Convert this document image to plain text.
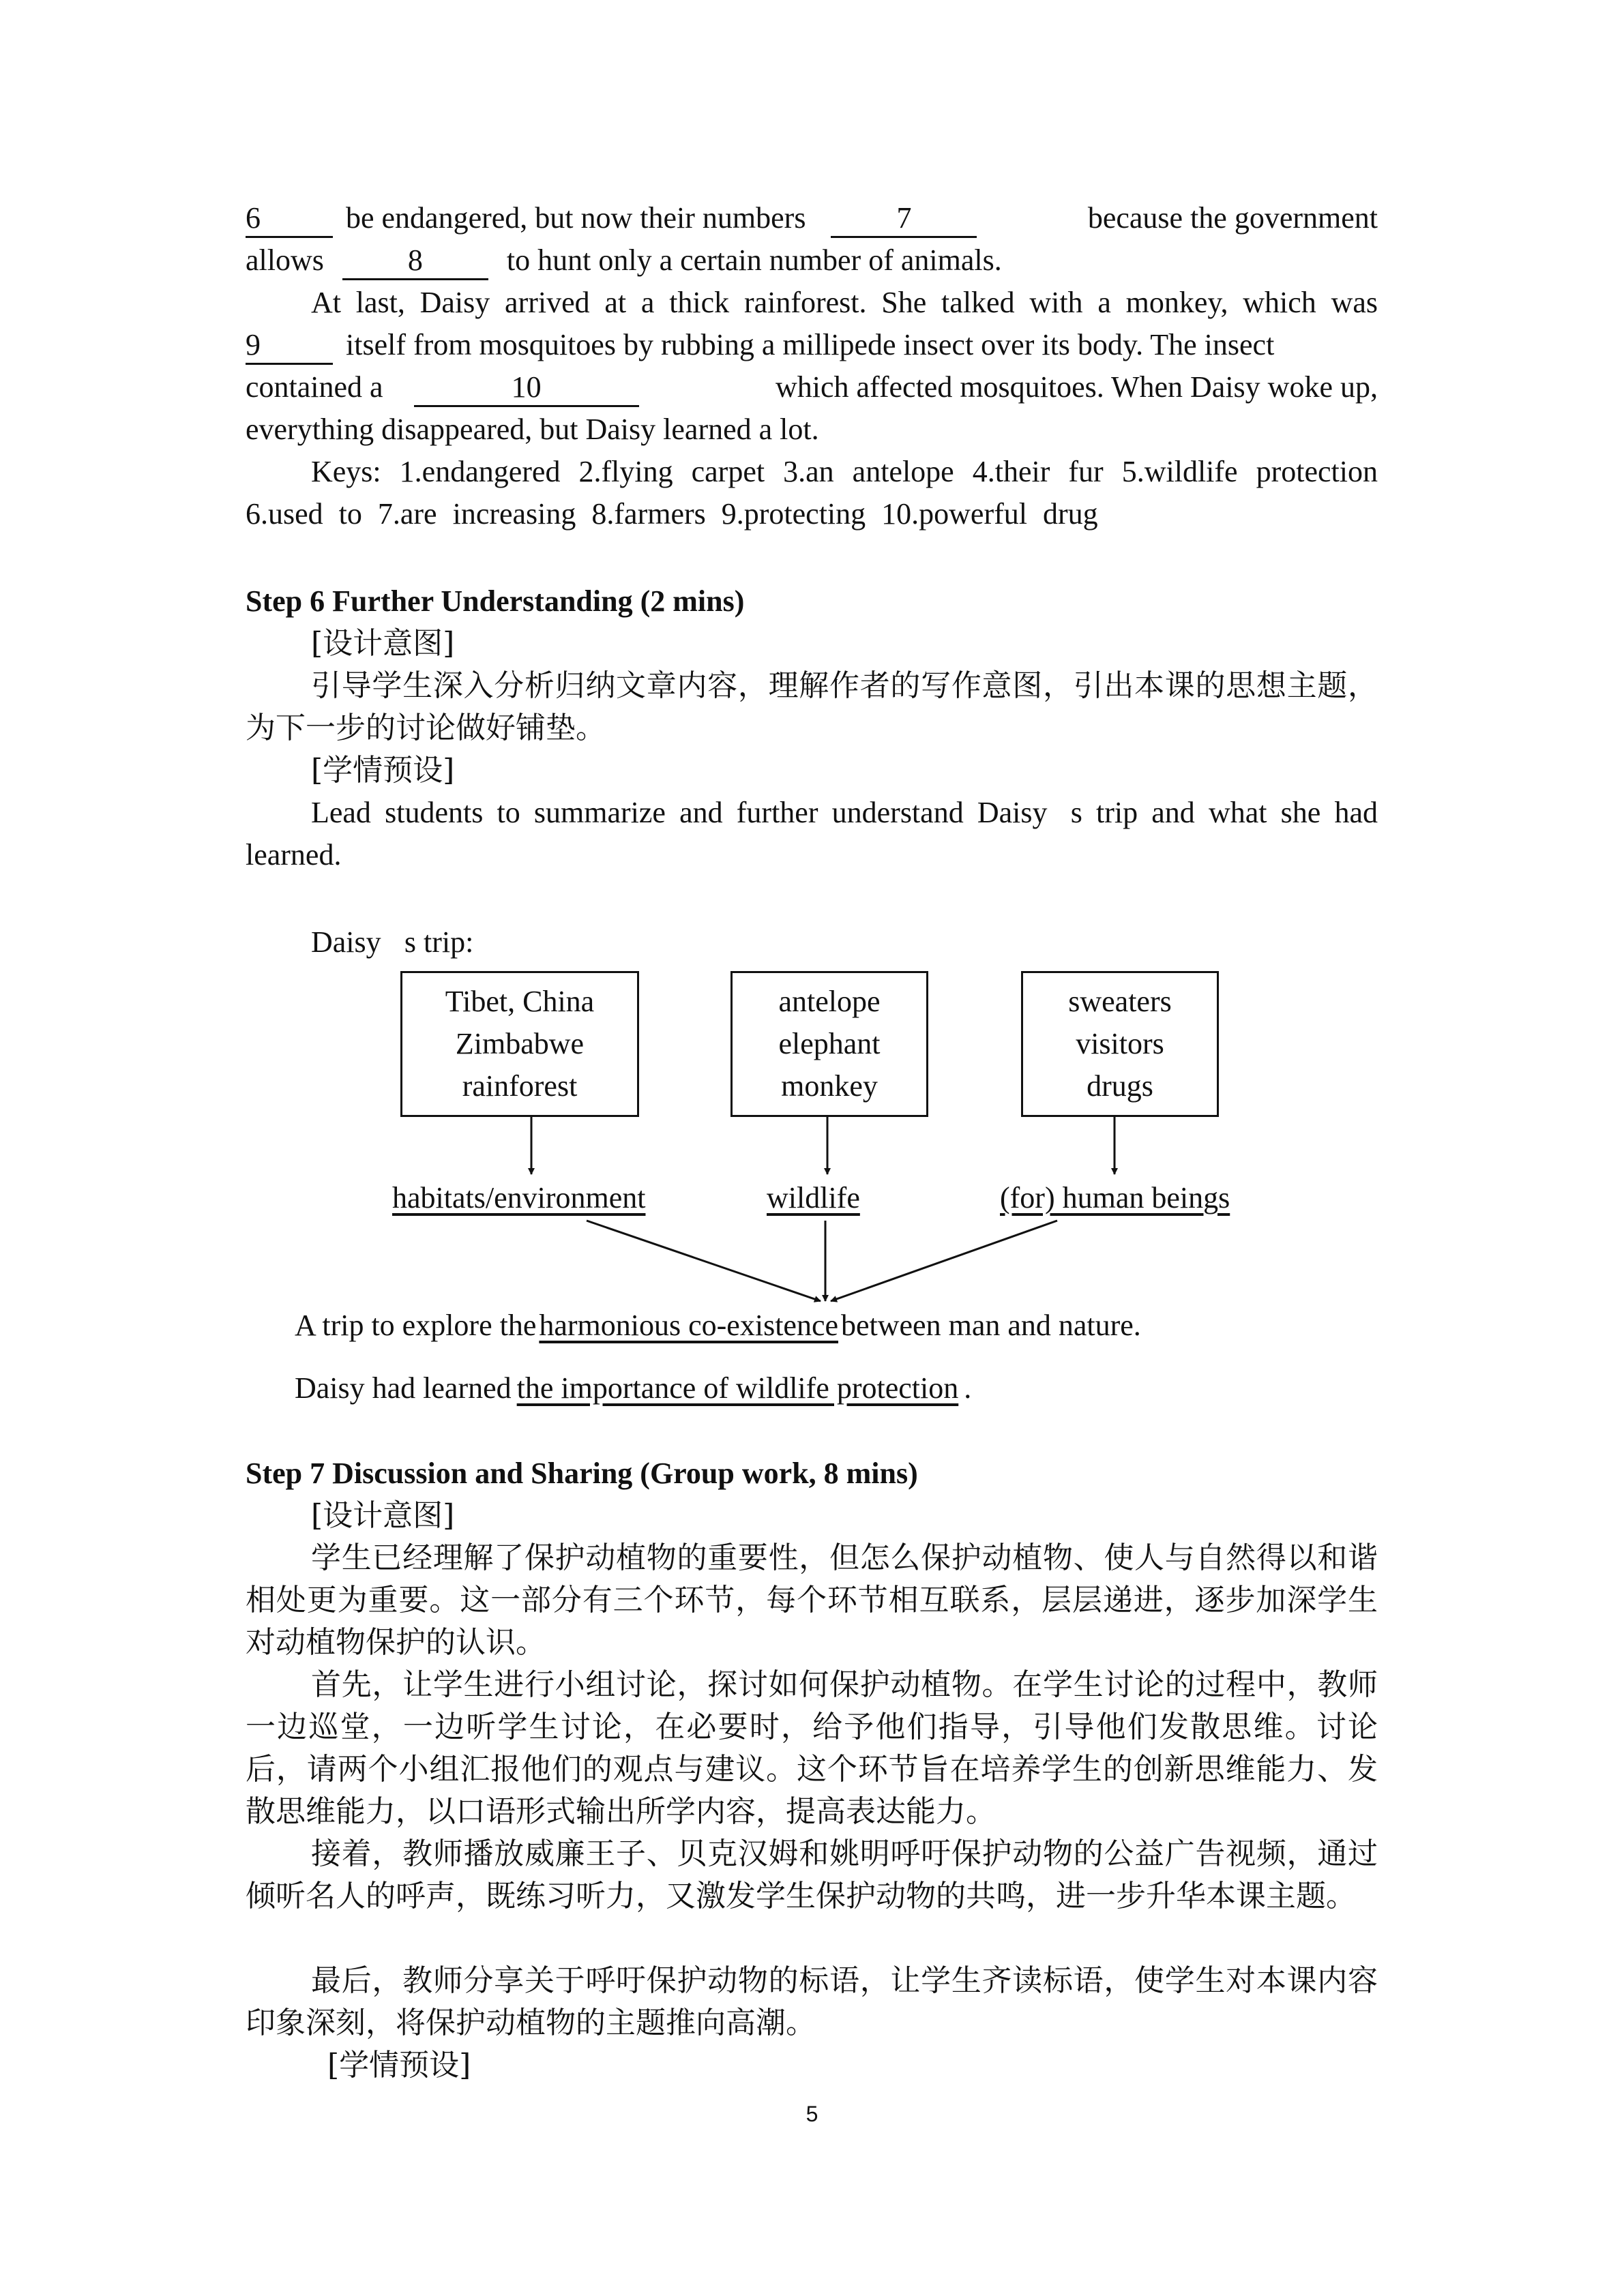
6	be endangered, but now their numbers	7	because the government
allows	8	to hunt only a certain number of animals.
At last, Daisy arrived at a thick rainforest. She talked with a monkey, which was
9	itself from mosquitoes by rubbing a millipede insect over its body. The insect
contained a	10	which affected mosquitoes. When Daisy woke up,
everything disappeared, but Daisy learned a lot.

Keys: 1.endangered 2.flying carpet 3.an antelope 4.their fur 5.wildlife protection 6.used to 7.are increasing 8.farmers 9.protecting 10.powerful drug

Step 6 Further Understanding (2 mins)
[设计意图]

引导学生深入分析归纳文章内容，理解作者的写作意图，引出本课的思想主题，为下一步的讨论做好铺垫。

[学情预设]

Lead students to summarize and further understand Daisy s trip and what she had learned.

Daisy s trip:
Tibet, China
Zimbabwe
rainforest
antelope
elephant
monkey
sweaters
visitors
drugs
habitats/environment	wildlife	(for) human beings
A trip to explore theharmonious co-existencebetween man and nature.
Daisy had learned the importance of wildlife protection .
Step 7 Discussion and Sharing (Group work, 8 mins)
[设计意图]

学生已经理解了保护动植物的重要性，但怎么保护动植物、使人与自然得以和谐相处更为重要。这一部分有三个环节，每个环节相互联系，层层递进，逐步加深学生对动植物保护的认识。

首先，让学生进行小组讨论，探讨如何保护动植物。在学生讨论的过程中，教师一边巡堂，一边听学生讨论，在必要时，给予他们指导，引导他们发散思维。讨论后，请两个小组汇报他们的观点与建议。这个环节旨在培养学生的创新思维能力、发散思维能力，以口语形式输出所学内容，提高表达能力。

接着，教师播放威廉王子、贝克汉姆和姚明呼吁保护动物的公益广告视频，通过倾听名人的呼声，既练习听力，又激发学生保护动物的共鸣，进一步升华本课主题。

最后，教师分享关于呼吁保护动物的标语，让学生齐读标语，使学生对本课内容印象深刻，将保护动植物的主题推向高潮。

[学情预设]
5
